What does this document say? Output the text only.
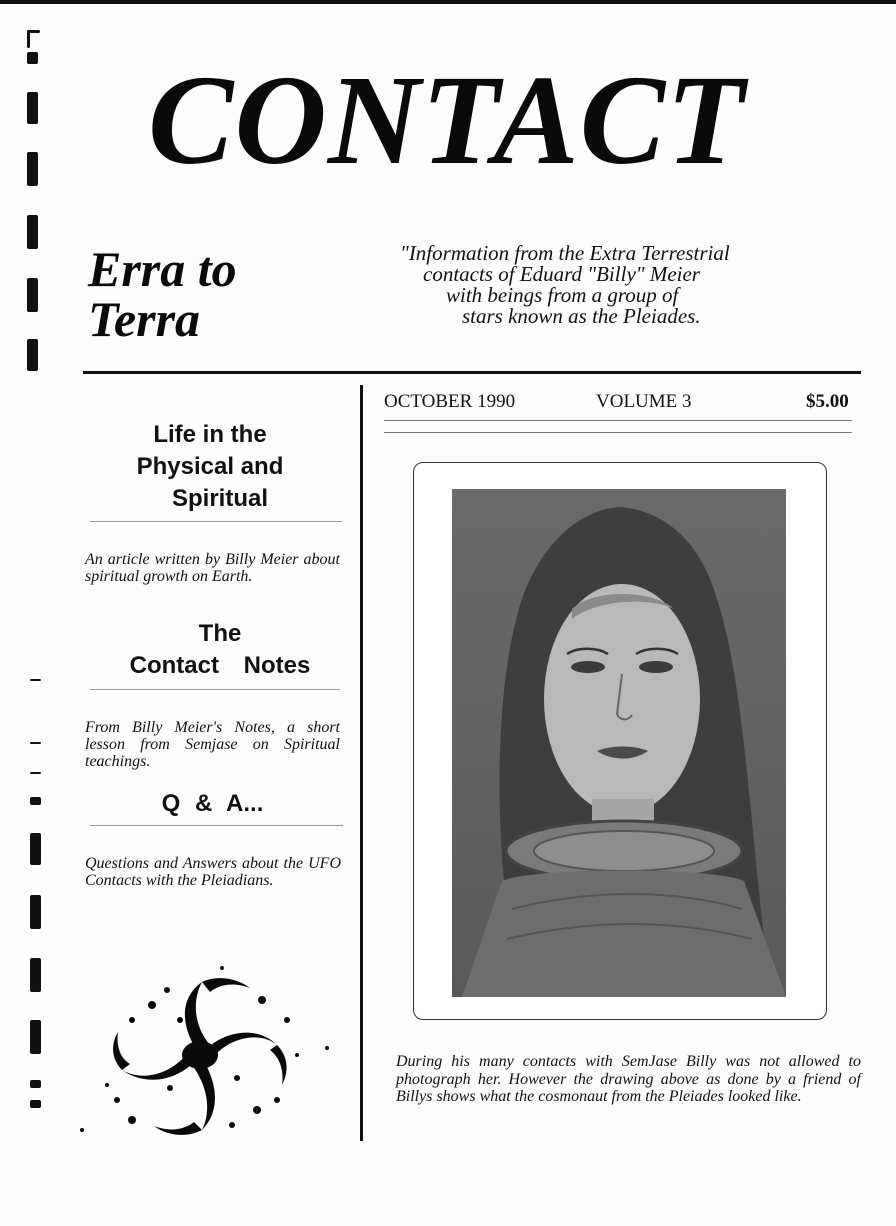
CONTACT
Erra to
Terra
"Information from the Extra Terrestrial
contacts of Eduard "Billy" Meier
with beings from a group of
stars known as the Pleiades.
OCTOBER 1990	VOLUME 3	$5.00
Life in the
Physical and
Spiritual
An article written by Billy Meier about spiritual growth on Earth.
The
Contact Notes
From Billy Meier's Notes, a short lesson from Semjase on Spiritual teachings.
Q & A...
Questions and Answers about the UFO Contacts with the Pleiadians.
During his many contacts with SemJase Billy was not allowed to photograph her. However the drawing above as done by a friend of Billys shows what the cosmonaut from the Pleiades looked like.
